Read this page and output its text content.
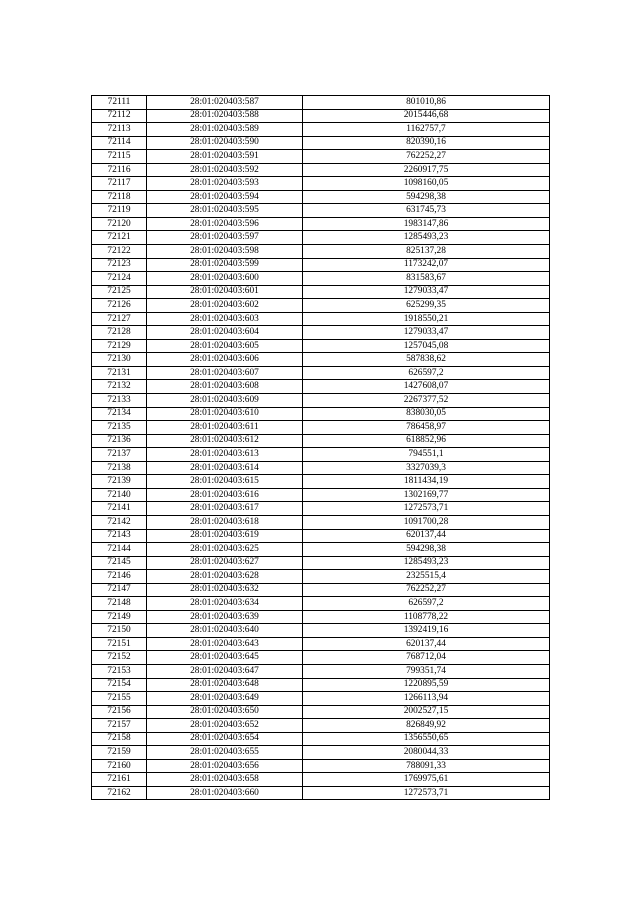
72111	28:01:020403:587	801010,86
72112	28:01:020403:588	2015446,68
72113	28:01:020403:589	1162757,7
72114	28:01:020403:590	820390,16
72115	28:01:020403:591	762252,27
72116	28:01:020403:592	2260917,75
72117	28:01:020403:593	1098160,05
72118	28:01:020403:594	594298,38
72119	28:01:020403:595	631745,73
72120	28:01:020403:596	1983147,86
72121	28:01:020403:597	1285493,23
72122	28:01:020403:598	825137,28
72123	28:01:020403:599	1173242,07
72124	28:01:020403:600	831583,67
72125	28:01:020403:601	1279033,47
72126	28:01:020403:602	625299,35
72127	28:01:020403:603	1918550,21
72128	28:01:020403:604	1279033,47
72129	28:01:020403:605	1257045,08
72130	28:01:020403:606	587838,62
72131	28:01:020403:607	626597,2
72132	28:01:020403:608	1427608,07
72133	28:01:020403:609	2267377,52
72134	28:01:020403:610	838030,05
72135	28:01:020403:611	786458,97
72136	28:01:020403:612	618852,96
72137	28:01:020403:613	794551,1
72138	28:01:020403:614	3327039,3
72139	28:01:020403:615	1811434,19
72140	28:01:020403:616	1302169,77
72141	28:01:020403:617	1272573,71
72142	28:01:020403:618	1091700,28
72143	28:01:020403:619	620137,44
72144	28:01:020403:625	594298,38
72145	28:01:020403:627	1285493,23
72146	28:01:020403:628	2325515,4
72147	28:01:020403:632	762252,27
72148	28:01:020403:634	626597,2
72149	28:01:020403:639	1108778,22
72150	28:01:020403:640	1392419,16
72151	28:01:020403:643	620137,44
72152	28:01:020403:645	768712,04
72153	28:01:020403:647	799351,74
72154	28:01:020403:648	1220895,59
72155	28:01:020403:649	1266113,94
72156	28:01:020403:650	2002527,15
72157	28:01:020403:652	826849,92
72158	28:01:020403:654	1356550,65
72159	28:01:020403:655	2080044,33
72160	28:01:020403:656	788091,33
72161	28:01:020403:658	1769975,61
72162	28:01:020403:660	1272573,71
